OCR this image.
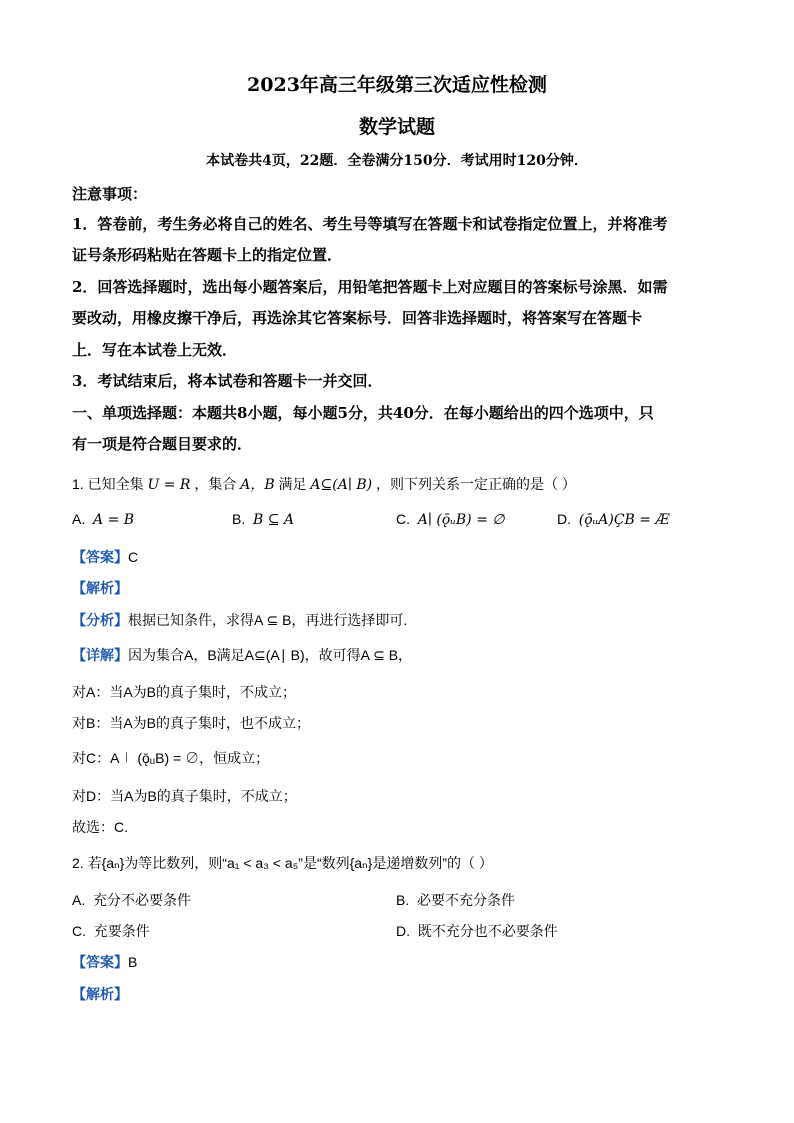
2023年高三年级第三次适应性检测
数学试题
本试卷共4页，22题．全卷满分150分．考试用时120分钟．
注意事项：
1．答卷前，考生务必将自己的姓名、考生号等填写在答题卡和试卷指定位置上，并将准考
证号条形码粘贴在答题卡上的指定位置．
2．回答选择题时，选出每小题答案后，用铅笔把答题卡上对应题目的答案标号涂黑．如需
要改动，用橡皮擦干净后，再选涂其它答案标号．回答非选择题时，将答案写在答题卡
上．写在本试卷上无效．
3．考试结束后，将本试卷和答题卡一并交回．
一、单项选择题：本题共8小题，每小题5分，共40分．在每小题给出的四个选项中，只
有一项是符合题目要求的．
1. 已知全集 U = R ，集合 A，B 满足 A⊆(A∣ B) ，则下列关系一定正确的是（ ）
A. A = B	B. B ⊆ A	C. A∣ (ǭᵤB) = ∅	D. (ǭᵤA)ÇB = Æ
【答案】C
【解析】
【分析】根据已知条件，求得A ⊆ B，再进行选择即可.
【详解】因为集合A，B满足A⊆(A∣ B)，故可得A ⊆ B，
对A：当A为B的真子集时，不成立；
对B：当A为B的真子集时，也不成立；
对C：A∣ (ǭᵤB) = ∅，恒成立；
对D：当A为B的真子集时，不成立；
故选：C.
2. 若{aₙ}为等比数列，则“a₁ < a₃ < a₅”是“数列{aₙ}是递增数列”的（ ）
A. 充分不必要条件	B. 必要不充分条件
C. 充要条件	D. 既不充分也不必要条件
【答案】B
【解析】
